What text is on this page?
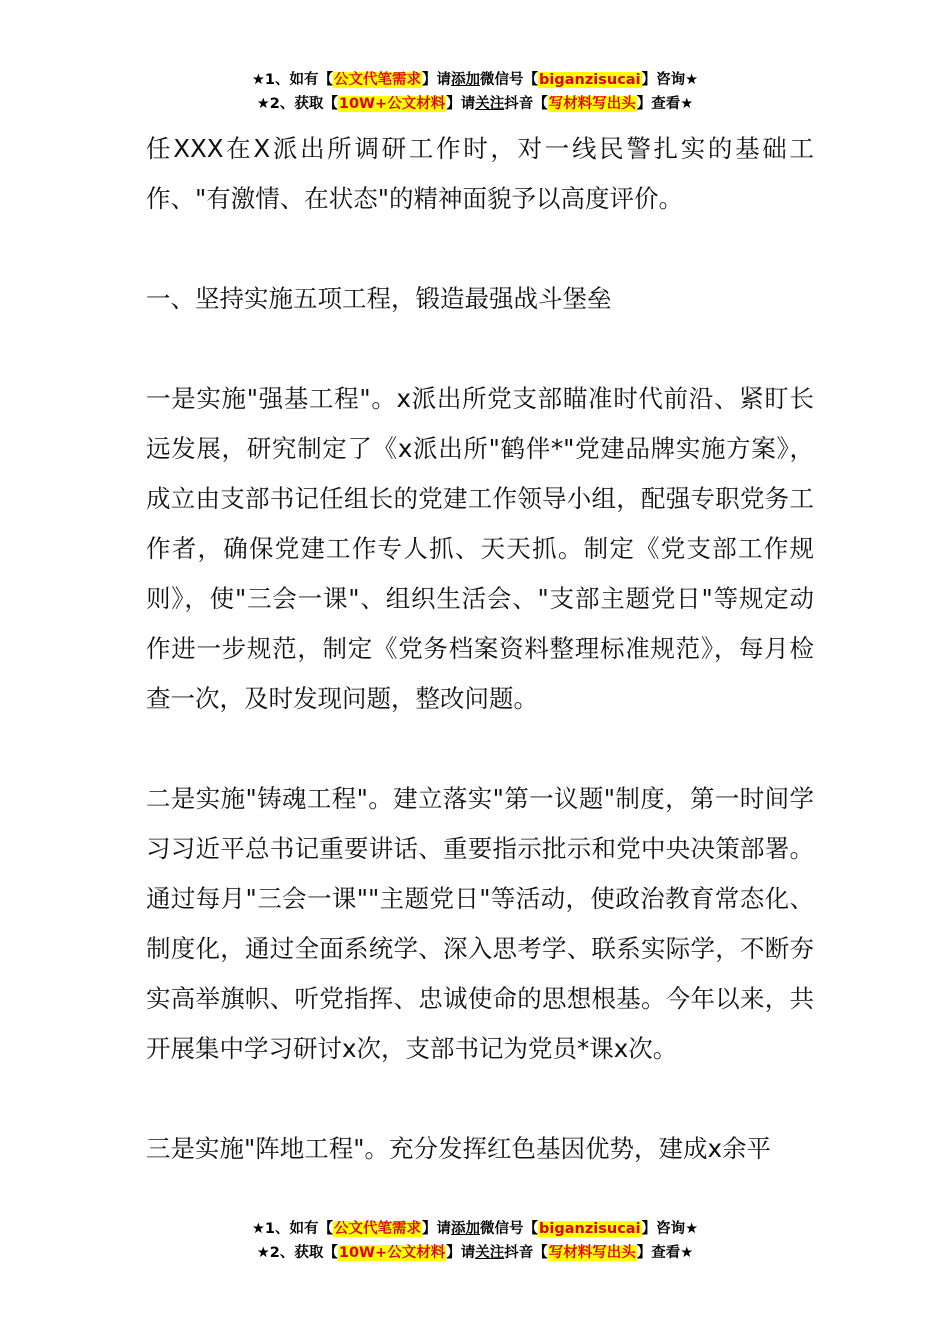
★1、如有【公文代笔需求】请添加微信号【biganzisucai】咨询★
★2、获取【10W+公文材料】请关注抖音【写材料写出头】查看★

任XXX在X派出所调研工作时，对一线民警扎实的基础工作、"有激情、在状态"的精神面貌予以高度评价。

一、坚持实施五项工程，锻造最强战斗堡垒

一是实施"强基工程"。x派出所党支部瞄准时代前沿、紧盯长远发展，研究制定了《x派出所"鹤伴*"党建品牌实施方案》，成立由支部书记任组长的党建工作领导小组，配强专职党务工作者，确保党建工作专人抓、天天抓。制定《党支部工作规则》，使"三会一课"、组织生活会、"支部主题党日"等规定动作进一步规范，制定《党务档案资料整理标准规范》，每月检查一次，及时发现问题，整改问题。

二是实施"铸魂工程"。建立落实"第一议题"制度，第一时间学习习近平总书记重要讲话、重要指示批示和党中央决策部署。通过每月"三会一课""主题党日"等活动，使政治教育常态化、制度化，通过全面系统学、深入思考学、联系实际学，不断夯实高举旗帜、听党指挥、忠诚使命的思想根基。今年以来，共开展集中学习研讨x次，支部书记为党员*课x次。

三是实施"阵地工程"。充分发挥红色基因优势，建成x余平

★1、如有【公文代笔需求】请添加微信号【biganzisucai】咨询★
★2、获取【10W+公文材料】请关注抖音【写材料写出头】查看★
